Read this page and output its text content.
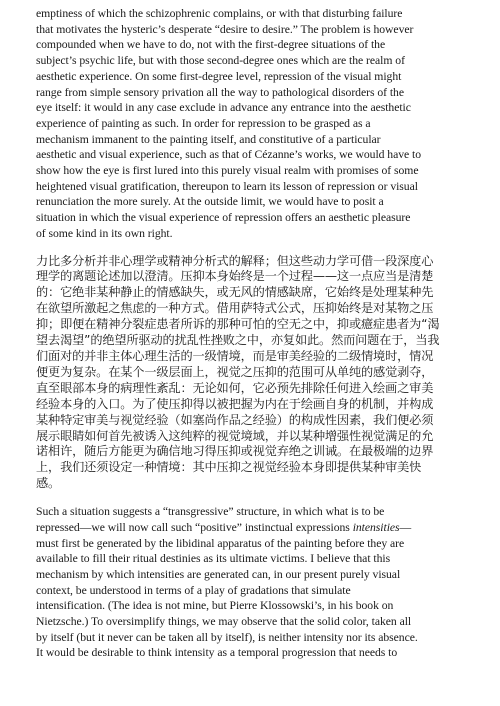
emptiness of which the schizophrenic complains, or with that disturbing failure
that motivates the hysteric’s desperate “desire to desire.” The problem is however
compounded when we have to do, not with the first-degree situations of the
subject’s psychic life, but with those second-degree ones which are the realm of
aesthetic experience. On some first-degree level, repression of the visual might
range from simple sensory privation all the way to pathological disorders of the
eye itself: it would in any case exclude in advance any entrance into the aesthetic
experience of painting as such. In order for repression to be grasped as a
mechanism immanent to the painting itself, and constitutive of a particular
aesthetic and visual experience, such as that of Cézanne’s works, we would have to
show how the eye is first lured into this purely visual realm with promises of some
heightened visual gratification, thereupon to learn its lesson of repression or visual
renunciation the more surely. At the outside limit, we would have to posit a
situation in which the visual experience of repression offers an aesthetic pleasure
of some kind in its own right.

力比多分析并非心理学或精神分析式的解释；但这些动力学可借一段深度心
理学的离题论述加以澄清。压抑本身始终是一个过程——这一点应当是清楚
的：它绝非某种静止的情感缺失，或无风的情感缺席，它始终是处理某种先
在欲望所激起之焦虑的一种方式。借用萨特式公式，压抑始终是对某物之压
抑；即便在精神分裂症患者所诉的那种可怕的空无之中，抑或癔症患者为“渴
望去渴望”的绝望所驱动的扰乱性挫败之中，亦复如此。然而问题在于，当我
们面对的并非主体心理生活的一级情境，而是审美经验的二级情境时，情况
便更为复杂。在某个一级层面上，视觉之压抑的范围可从单纯的感觉剥夺，
直至眼部本身的病理性紊乱：无论如何，它必预先排除任何进入绘画之审美
经验本身的入口。为了使压抑得以被把握为内在于绘画自身的机制，并构成
某种特定审美与视觉经验（如塞尚作品之经验）的构成性因素，我们便必须
展示眼睛如何首先被诱入这纯粹的视觉境域，并以某种增强性视觉满足的允
诺相许，随后方能更为确信地习得压抑或视觉弃绝之训诫。在最极端的边界
上，我们还须设定一种情境：其中压抑之视觉经验本身即提供某种审美快
感。

Such a situation suggests a “transgressive” structure, in which what is to be
repressed—we will now call such “positive” instinctual expressions intensities—
must first be generated by the libidinal apparatus of the painting before they are
available to fill their ritual destinies as its ultimate victims. I believe that this
mechanism by which intensities are generated can, in our present purely visual
context, be understood in terms of a play of gradations that simulate
intensification. (The idea is not mine, but Pierre Klossowski’s, in his book on
Nietzsche.) To oversimplify things, we may observe that the solid color, taken all
by itself (but it never can be taken all by itself), is neither intensity nor its absence.
It would be desirable to think intensity as a temporal progression that needs to
